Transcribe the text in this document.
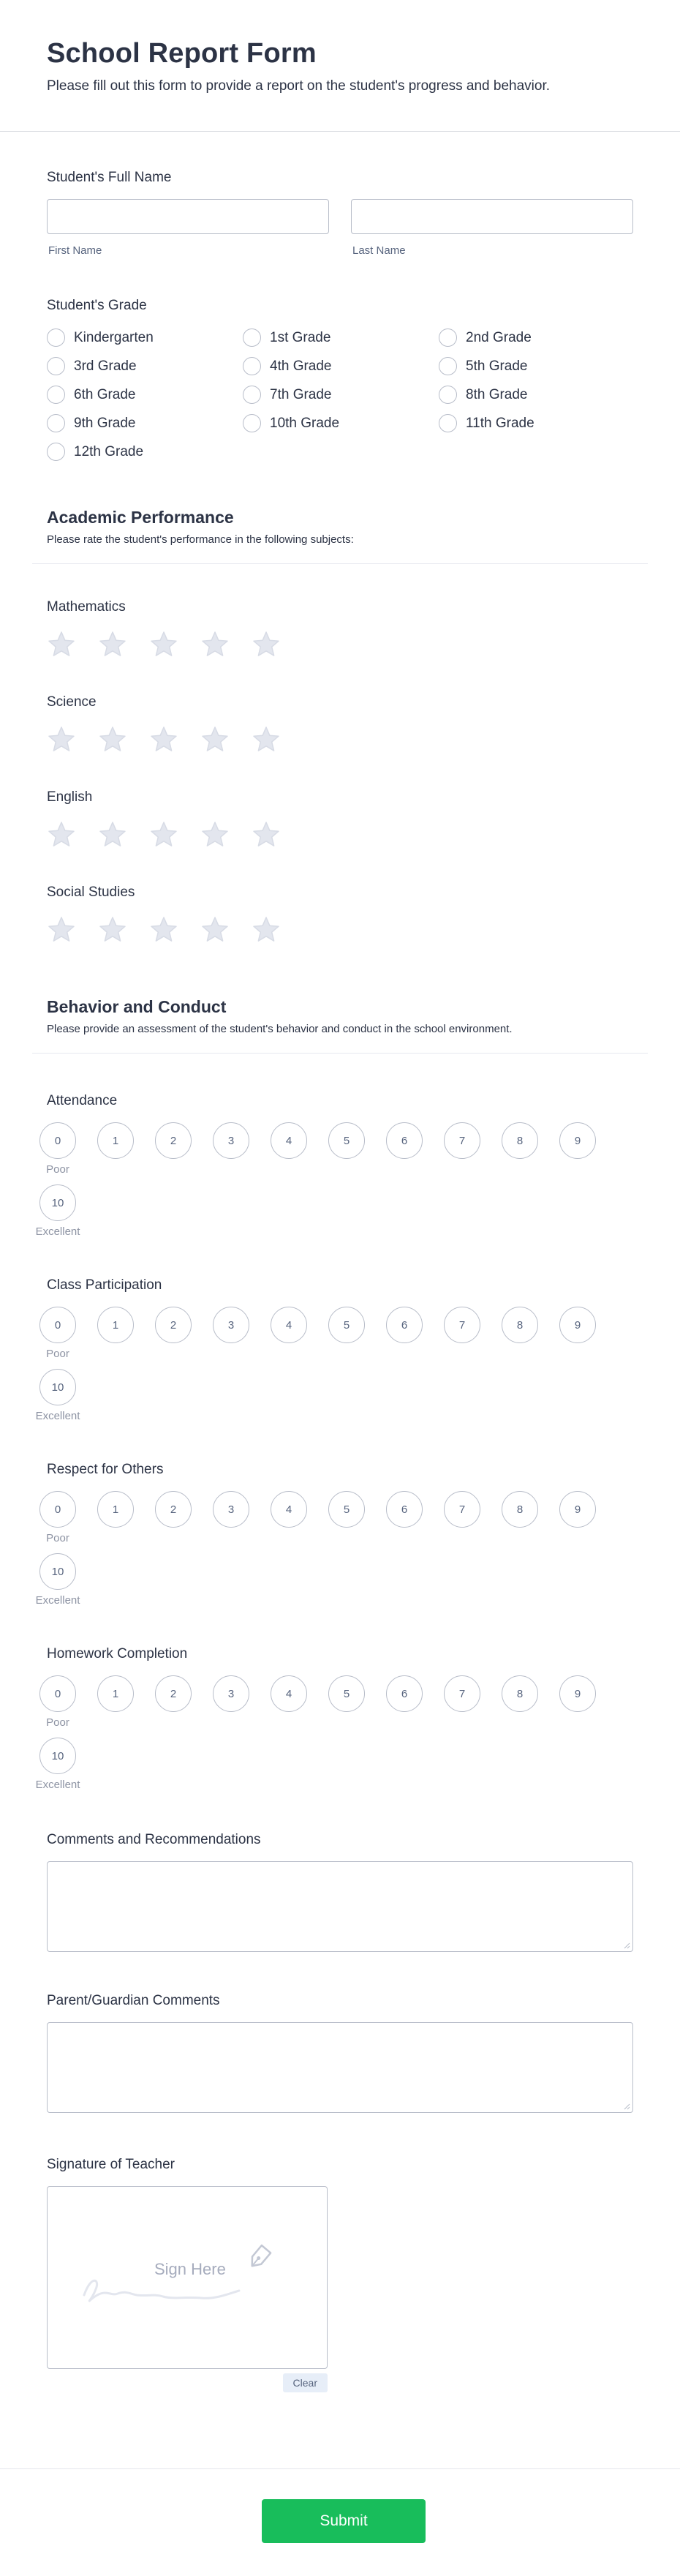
School Report Form

Please fill out this form to provide a report on the student's progress and behavior.

Student's Full Name
First Name	Last Name
Student's Grade
Kindergarten	1st Grade	2nd Grade
3rd Grade	4th Grade	5th Grade
6th Grade	7th Grade	8th Grade
9th Grade	10th Grade	11th Grade
12th Grade
Academic Performance

Please rate the student's performance in the following subjects:

Mathematics
Science
English
Social Studies
Behavior and Conduct

Please provide an assessment of the student's behavior and conduct in the school environment.

Attendance
0
Poor
1	2	3	4	5	6	7	8	9
10
Excellent
Class Participation
0
Poor
1	2	3	4	5	6	7	8	9
10
Excellent
Respect for Others
0
Poor
1	2	3	4	5	6	7	8	9
10
Excellent
Homework Completion
0
Poor
1	2	3	4	5	6	7	8	9
10
Excellent
Comments and Recommendations
Parent/Guardian Comments
Signature of Teacher
Sign Here
Clear
Submit
